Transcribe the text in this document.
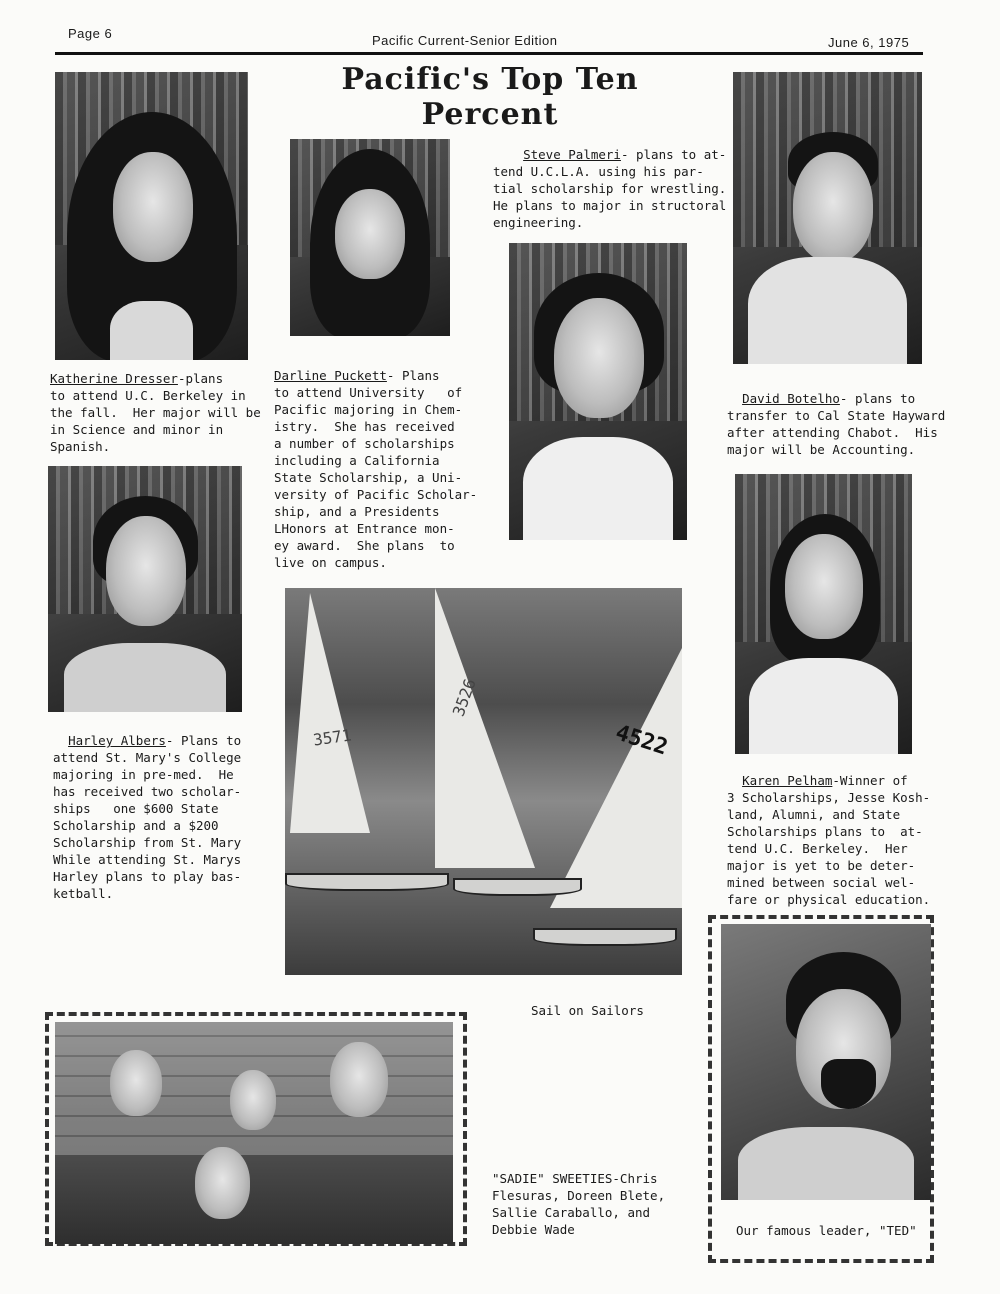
Page 6	Pacific Current-Senior Edition	June 6, 1975
Pacific's Top Ten Percent
Katherine Dresser-plans
to attend U.C. Berkeley in
the fall.  Her major will be
in Science and minor in
Spanish.
Darline Puckett- Plans
to attend University   of
Pacific majoring in Chem-
istry.  She has received
a number of scholarships
including a California
State Scholarship, a Uni-
versity of Pacific Scholar-
ship, and a Presidents
LHonors at Entrance mon-
ey award.  She plans  to
live on campus.
Steve Palmeri- plans to at-
tend U.C.L.A. using his par-
tial scholarship for wrestling.
He plans to major in structoral
engineering.
David Botelho- plans to
transfer to Cal State Hayward
after attending Chabot.  His
major will be Accounting.
Harley Albers- Plans to
attend St. Mary's College
majoring in pre-med.  He
has received two scholar-
ships   one $600 State
Scholarship and a $200
Scholarship from St. Mary
While attending St. Marys
Harley plans to play bas-
ketball.
Karen Pelham-Winner of
3 Scholarships, Jesse Kosh-
land, Alumni, and State
Scholarships plans to  at-
tend U.C. Berkeley.  Her
major is yet to be deter-
mined between social wel-
fare or physical education.
3571
3526
4522
Sail on Sailors
"SADIE" SWEETIES-Chris
Flesuras, Doreen Blete,
Sallie Caraballo, and
Debbie Wade	Our famous leader, "TED"
